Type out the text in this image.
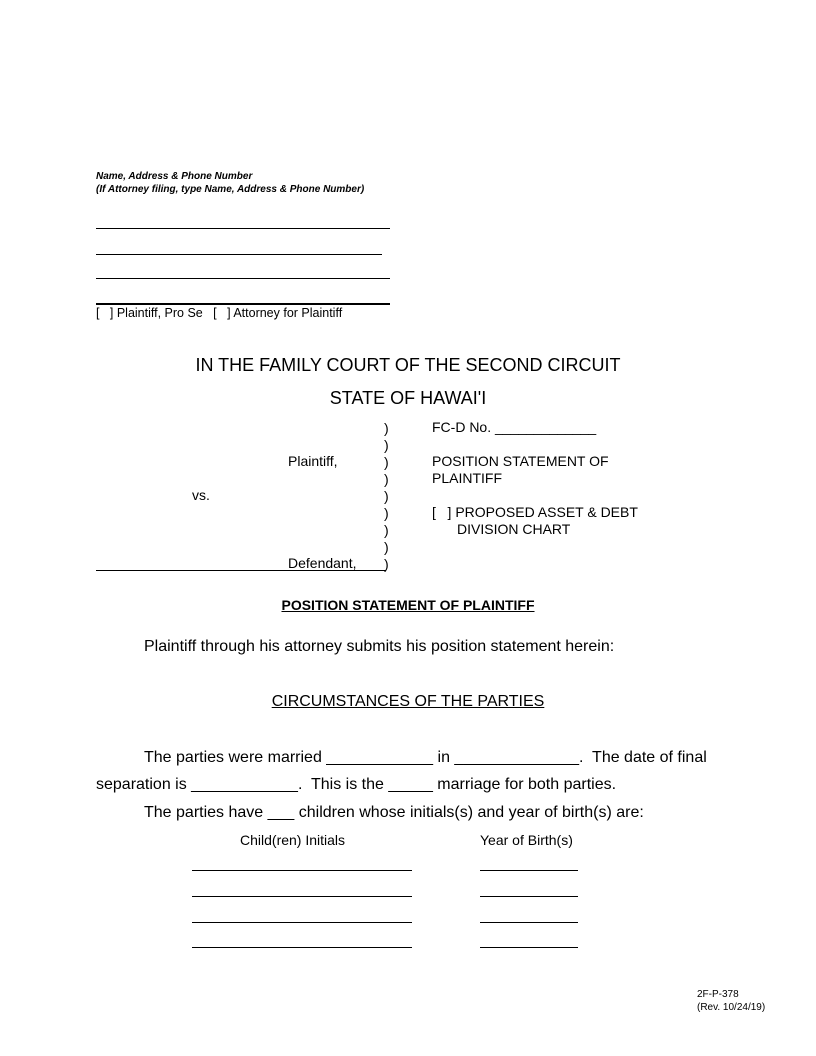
Name, Address & Phone Number
(If Attorney filing, type Name, Address & Phone Number)
[   ] Plaintiff, Pro Se   [   ] Attorney for Plaintiff
IN THE FAMILY COURT OF THE SECOND CIRCUIT
STATE OF HAWAI'I
)
)
)
)
)
)
)
)
)
Plaintiff,
vs.
Defendant,
FC-D No. _____________
POSITION STATEMENT OF
PLAINTIFF
[   ] PROPOSED ASSET & DEBT
DIVISION CHART
POSITION STATEMENT OF PLAINTIFF
Plaintiff through his attorney submits his position statement herein:
CIRCUMSTANCES OF THE PARTIES
The parties were married ____________ in ______________.  The date of final
separation is ____________.  This is the _____ marriage for both parties.
The parties have ___ children whose initials(s) and year of birth(s) are:
Child(ren) Initials	Year of Birth(s)
2F-P-378
(Rev. 10/24/19)
